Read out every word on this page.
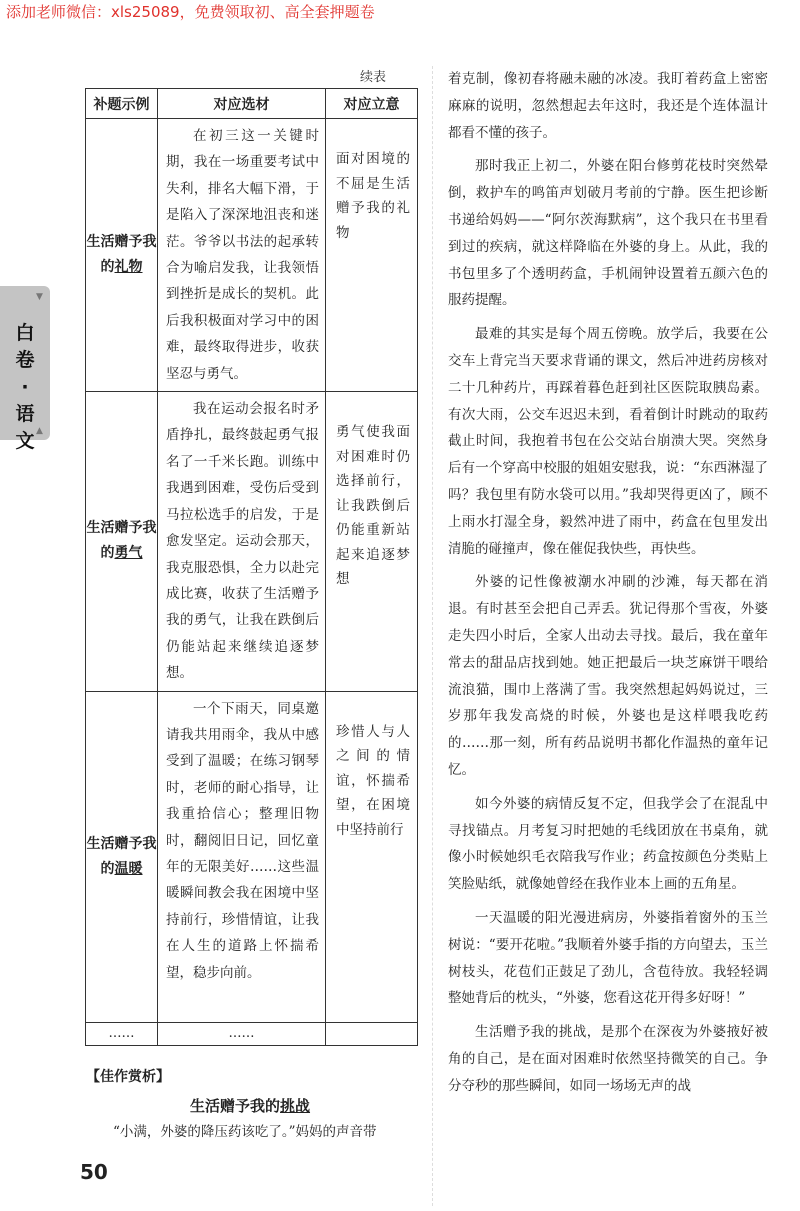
添加老师微信：xls25089，免费领取初、高全套押题卷
▼
白卷·语文 ▲
续表
补题示例	对应选材	对应立意
生活赠予我的礼物	在初三这一关键时期，我在一场重要考试中失利，排名大幅下滑，于是陷入了深深地沮丧和迷茫。爷爷以书法的起承转合为喻启发我，让我领悟到挫折是成长的契机。此后我积极面对学习中的困难，最终取得进步，收获坚忍与勇气。	面对困境的不屈是生活赠予我的礼物

生活赠予我的勇气	我在运动会报名时矛盾挣扎，最终鼓起勇气报名了一千米长跑。训练中我遇到困难，受伤后受到马拉松选手的启发，于是愈发坚定。运动会那天，我克服恐惧，全力以赴完成比赛，收获了生活赠予我的勇气，让我在跌倒后仍能站起来继续追逐梦想。	勇气使我面对困难时仍选择前行，让我跌倒后仍能重新站起来追逐梦想

生活赠予我的温暖	一个下雨天，同桌邀请我共用雨伞，我从中感受到了温暖；在练习钢琴时，老师的耐心指导，让我重拾信心；整理旧物时，翻阅旧日记，回忆童年的无限美好……这些温暖瞬间教会我在困境中坚持前行，珍惜情谊，让我在人生的道路上怀揣希望，稳步向前。	珍惜人与人之间的情谊，怀揣希望，在困境中坚持前行

……	……	
【佳作赏析】
生活赠予我的挑战
“小满，外婆的降压药该吃了。”妈妈的声音带

着克制，像初春将融未融的冰凌。我盯着药盒上密密麻麻的说明，忽然想起去年这时，我还是个连体温计都看不懂的孩子。

那时我正上初二，外婆在阳台修剪花枝时突然晕倒，救护车的鸣笛声划破月考前的宁静。医生把诊断书递给妈妈——“阿尔茨海默病”，这个我只在书里看到过的疾病，就这样降临在外婆的身上。从此，我的书包里多了个透明药盒，手机闹钟设置着五颜六色的服药提醒。

最难的其实是每个周五傍晚。放学后，我要在公交车上背完当天要求背诵的课文，然后冲进药房核对二十几种药片，再踩着暮色赶到社区医院取胰岛素。有次大雨，公交车迟迟未到，看着倒计时跳动的取药截止时间，我抱着书包在公交站台崩溃大哭。突然身后有一个穿高中校服的姐姐安慰我，说：“东西淋湿了吗？我包里有防水袋可以用。”我却哭得更凶了，顾不上雨水打湿全身，毅然冲进了雨中，药盒在包里发出清脆的碰撞声，像在催促我快些，再快些。

外婆的记性像被潮水冲刷的沙滩，每天都在消退。有时甚至会把自己弄丢。犹记得那个雪夜，外婆走失四小时后，全家人出动去寻找。最后，我在童年常去的甜品店找到她。她正把最后一块芝麻饼干喂给流浪猫，围巾上落满了雪。我突然想起妈妈说过，三岁那年我发高烧的时候，外婆也是这样喂我吃药的……那一刻，所有药品说明书都化作温热的童年记忆。

如今外婆的病情反复不定，但我学会了在混乱中寻找锚点。月考复习时把她的毛线团放在书桌角，就像小时候她织毛衣陪我写作业；药盒按颜色分类贴上笑脸贴纸，就像她曾经在我作业本上画的五角星。

一天温暖的阳光漫进病房，外婆指着窗外的玉兰树说：“要开花啦。”我顺着外婆手指的方向望去，玉兰树枝头，花苞们正鼓足了劲儿，含苞待放。我轻轻调整她背后的枕头，“外婆，您看这花开得多好呀！”

生活赠予我的挑战，是那个在深夜为外婆掖好被角的自己，是在面对困难时依然坚持微笑的自己。争分夺秒的那些瞬间，如同一场场无声的战

50
